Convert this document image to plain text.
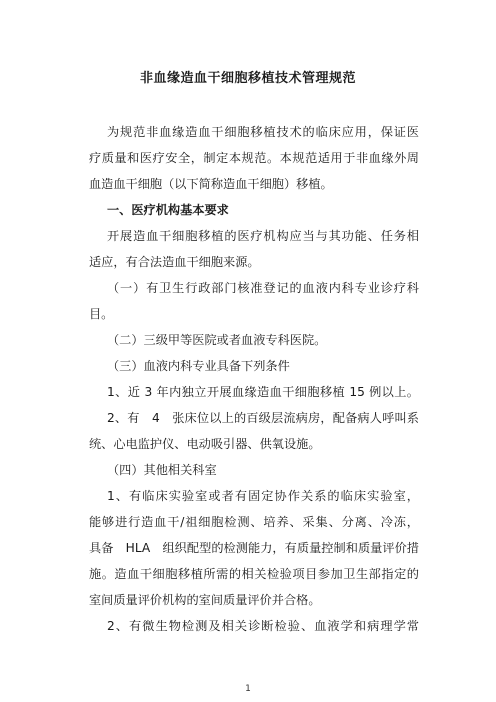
非血缘造血干细胞移植技术管理规范
为规范非血缘造血干细胞移植技术的临床应用，保证医
疗质量和医疗安全，制定本规范。本规范适用于非血缘外周
血造血干细胞（以下简称造血干细胞）移植。
一、医疗机构基本要求
开展造血干细胞移植的医疗机构应当与其功能、任务相
适应，有合法造血干细胞来源。
（一）有卫生行政部门核准登记的血液内科专业诊疗科
目。
（二）三级甲等医院或者血液专科医院。
（三）血液内科专业具备下列条件
1、近 3 年内独立开展血缘造血干细胞移植 15 例以上。
2、有　4　张床位以上的百级层流病房，配备病人呼叫系
统、心电监护仪、电动吸引器、供氧设施。
（四）其他相关科室
1、有临床实验室或者有固定协作关系的临床实验室，
能够进行造血干/祖细胞检测、培养、采集、分离、冷冻，
具备　HLA　组织配型的检测能力，有质量控制和质量评价措
施。造血干细胞移植所需的相关检验项目参加卫生部指定的
室间质量评价机构的室间质量评价并合格。
2、有微生物检测及相关诊断检验、血液学和病理学常
1
